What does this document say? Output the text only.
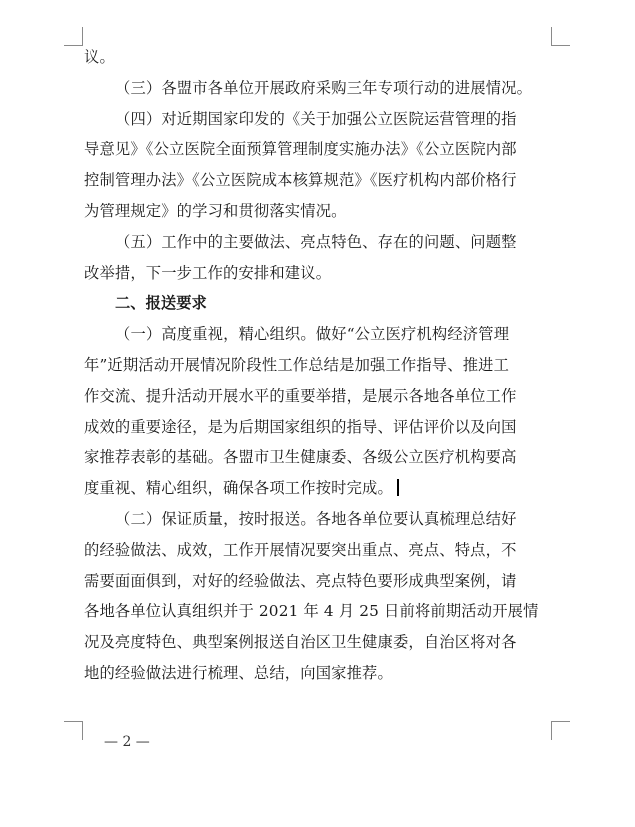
议。

（三）各盟市各单位开展政府采购三年专项行动的进展情况。

（四）对近期国家印发的《关于加强公立医院运营管理的指

导意见》《公立医院全面预算管理制度实施办法》《公立医院内部

控制管理办法》《公立医院成本核算规范》《医疗机构内部价格行

为管理规定》的学习和贯彻落实情况。

（五）工作中的主要做法、亮点特色、存在的问题、问题整

改举措，下一步工作的安排和建议。

二、报送要求

（一）高度重视，精心组织。做好“公立医疗机构经济管理

年”近期活动开展情况阶段性工作总结是加强工作指导、推进工

作交流、提升活动开展水平的重要举措，是展示各地各单位工作

成效的重要途径，是为后期国家组织的指导、评估评价以及向国

家推荐表彰的基础。各盟市卫生健康委、各级公立医疗机构要高

度重视、精心组织，确保各项工作按时完成。

（二）保证质量，按时报送。各地各单位要认真梳理总结好

的经验做法、成效，工作开展情况要突出重点、亮点、特点，不

需要面面俱到，对好的经验做法、亮点特色要形成典型案例，请

各地各单位认真组织并于 2021 年 4 月 25 日前将前期活动开展情

况及亮度特色、典型案例报送自治区卫生健康委，自治区将对各

地的经验做法进行梳理、总结，向国家推荐。

— 2 —
